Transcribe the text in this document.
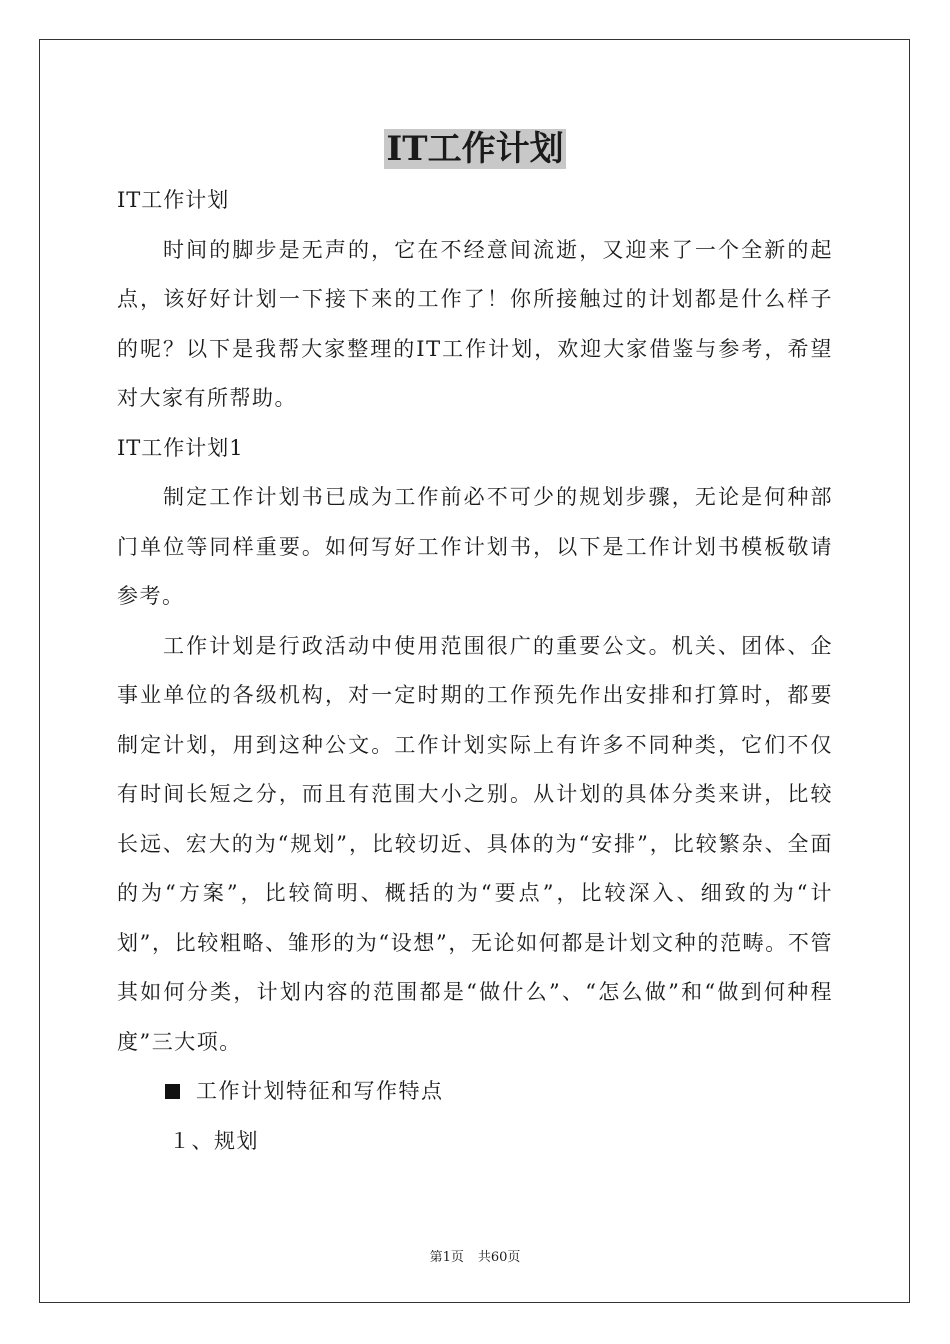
IT工作计划

IT工作计划

时间的脚步是无声的，它在不经意间流逝，又迎来了一个全新的起点，该好好计划一下接下来的工作了！你所接触过的计划都是什么样子的呢？以下是我帮大家整理的IT工作计划，欢迎大家借鉴与参考，希望对大家有所帮助。

IT工作计划1

制定工作计划书已成为工作前必不可少的规划步骤，无论是何种部门单位等同样重要。如何写好工作计划书，以下是工作计划书模板敬请参考。

工作计划是行政活动中使用范围很广的重要公文。机关、团体、企事业单位的各级机构，对一定时期的工作预先作出安排和打算时，都要制定计划，用到这种公文。工作计划实际上有许多不同种类，它们不仅有时间长短之分，而且有范围大小之别。从计划的具体分类来讲，比较长远、宏大的为“规划”，比较切近、具体的为“安排”，比较繁杂、全面的为“方案”，比较简明、概括的为“要点”，比较深入、细致的为“计划”，比较粗略、雏形的为“设想”，无论如何都是计划文种的范畴。不管其如何分类，计划内容的范围都是“做什么”、“怎么做”和“做到何种程度”三大项。

工作计划特征和写作特点

１、规划

第1页 共60页
